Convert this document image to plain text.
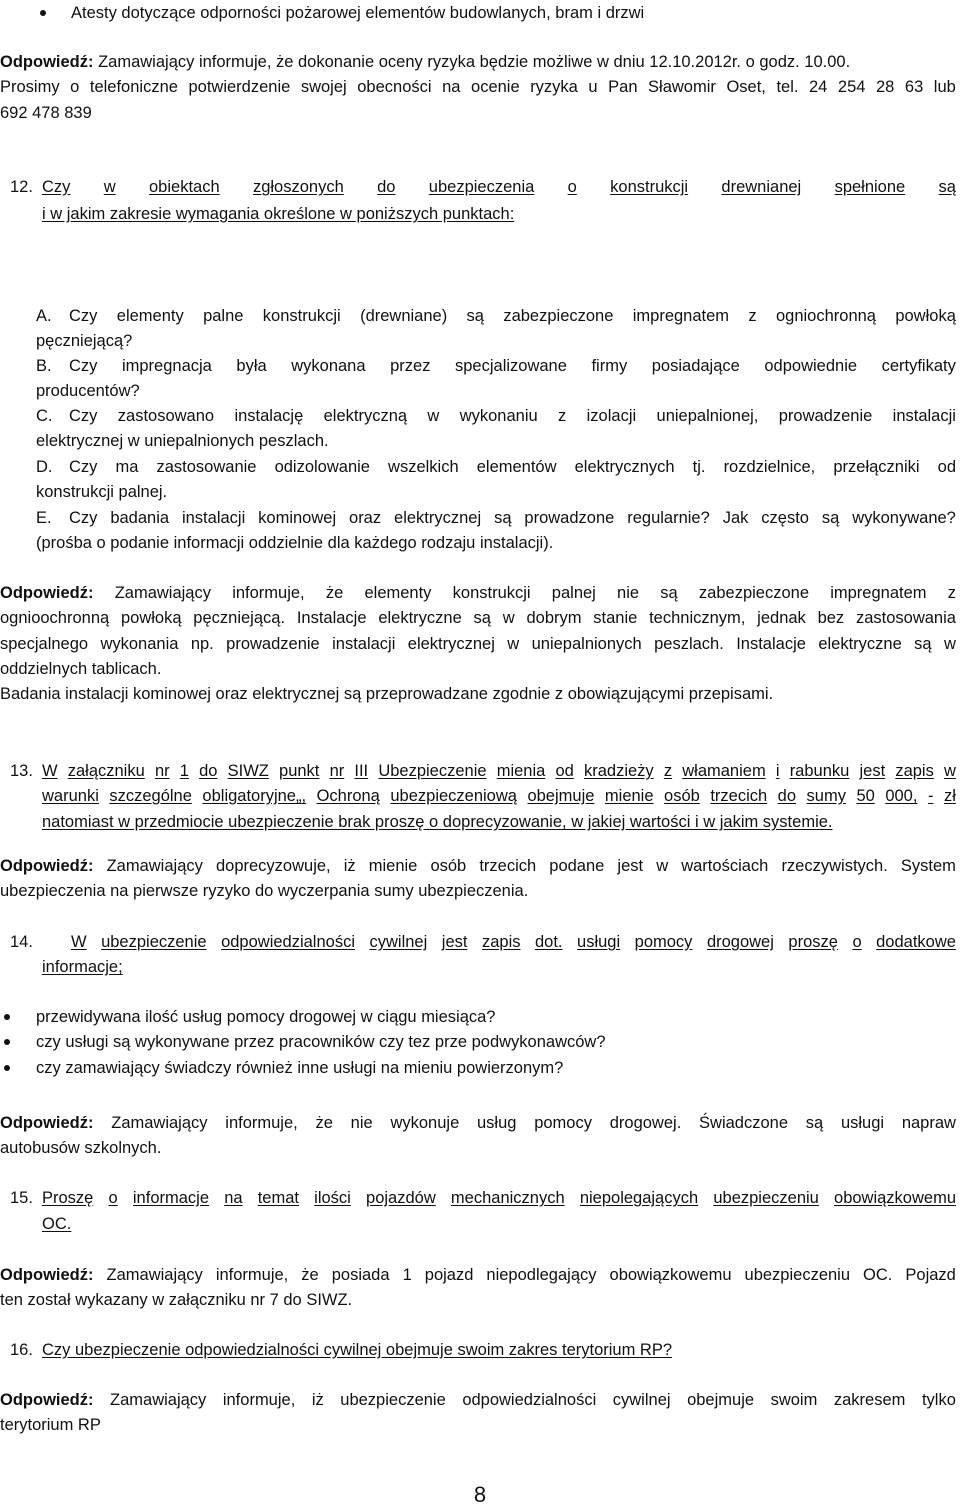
Atesty dotyczące odporności pożarowej elementów budowlanych, bram i drzwi
Odpowiedź: Zamawiający informuje, że dokonanie oceny ryzyka będzie możliwe w dniu 12.10.2012r. o godz. 10.00.
Prosimy o telefoniczne potwierdzenie swojej obecności na ocenie ryzyka u Pan Sławomir Oset, tel. 24 254 28 63 lub
692 478 839
12. Czy w obiektach zgłoszonych do ubezpieczenia o konstrukcji drewnianej spełnione są
i w jakim zakresie wymagania określone w poniższych punktach:
A. Czy elementy palne konstrukcji (drewniane) są zabezpieczone impregnatem z ogniochronną powłoką
pęczniejącą?
B. Czy impregnacja była wykonana przez specjalizowane firmy posiadające odpowiednie certyfikaty
producentów?
C. Czy zastosowano instalację elektryczną w wykonaniu z izolacji uniepalnionej, prowadzenie instalacji
elektrycznej w uniepalnionych peszlach.
D. Czy ma zastosowanie odizolowanie wszelkich elementów elektrycznych tj. rozdzielnice, przełączniki od
konstrukcji palnej.
E. Czy badania instalacji kominowej oraz elektrycznej są prowadzone regularnie? Jak często są wykonywane?
(prośba o podanie informacji oddzielnie dla każdego rodzaju instalacji).
Odpowiedź: Zamawiający informuje, że elementy konstrukcji palnej nie są zabezpieczone impregnatem z
ognioochronną powłoką pęczniejącą. Instalacje elektryczne są w dobrym stanie technicznym, jednak bez zastosowania
specjalnego wykonania np. prowadzenie instalacji elektrycznej w uniepalnionych peszlach. Instalacje elektryczne są w
oddzielnych tablicach.
Badania instalacji kominowej oraz elektrycznej są przeprowadzane zgodnie z obowiązującymi przepisami.
13. W załączniku nr 1 do SIWZ punkt nr III Ubezpieczenie mienia od kradzieży z włamaniem i rabunku jest zapis w
warunki szczególne obligatoryjne„, Ochroną ubezpieczeniową obejmuje mienie osób trzecich do sumy 50 000, - zł
natomiast w przedmiocie ubezpieczenie brak proszę o doprecyzowanie, w jakiej wartości i w jakim systemie.
Odpowiedź: Zamawiający doprecyzowuje, iż mienie osób trzecich podane jest w wartościach rzeczywistych. System
ubezpieczenia na pierwsze ryzyko do wyczerpania sumy ubezpieczenia.
14. W ubezpieczenie odpowiedzialności cywilnej jest zapis dot. usługi pomocy drogowej proszę o dodatkowe
informacje;
przewidywana ilość usług pomocy drogowej w ciągu miesiąca?
czy usługi są wykonywane przez pracowników czy tez prze podwykonawców?
czy zamawiający świadczy również inne usługi na mieniu powierzonym?
Odpowiedź: Zamawiający informuje, że nie wykonuje usług pomocy drogowej. Świadczone są usługi napraw
autobusów szkolnych.
15. Proszę o informacje na temat ilości pojazdów mechanicznych niepolegających ubezpieczeniu obowiązkowemu
OC.
Odpowiedź: Zamawiający informuje, że posiada 1 pojazd niepodlegający obowiązkowemu ubezpieczeniu OC. Pojazd
ten został wykazany w załączniku nr 7 do SIWZ.
16. Czy ubezpieczenie odpowiedzialności cywilnej obejmuje swoim zakres terytorium RP?
Odpowiedź: Zamawiający informuje, iż ubezpieczenie odpowiedzialności cywilnej obejmuje swoim zakresem tylko
terytorium RP
8
